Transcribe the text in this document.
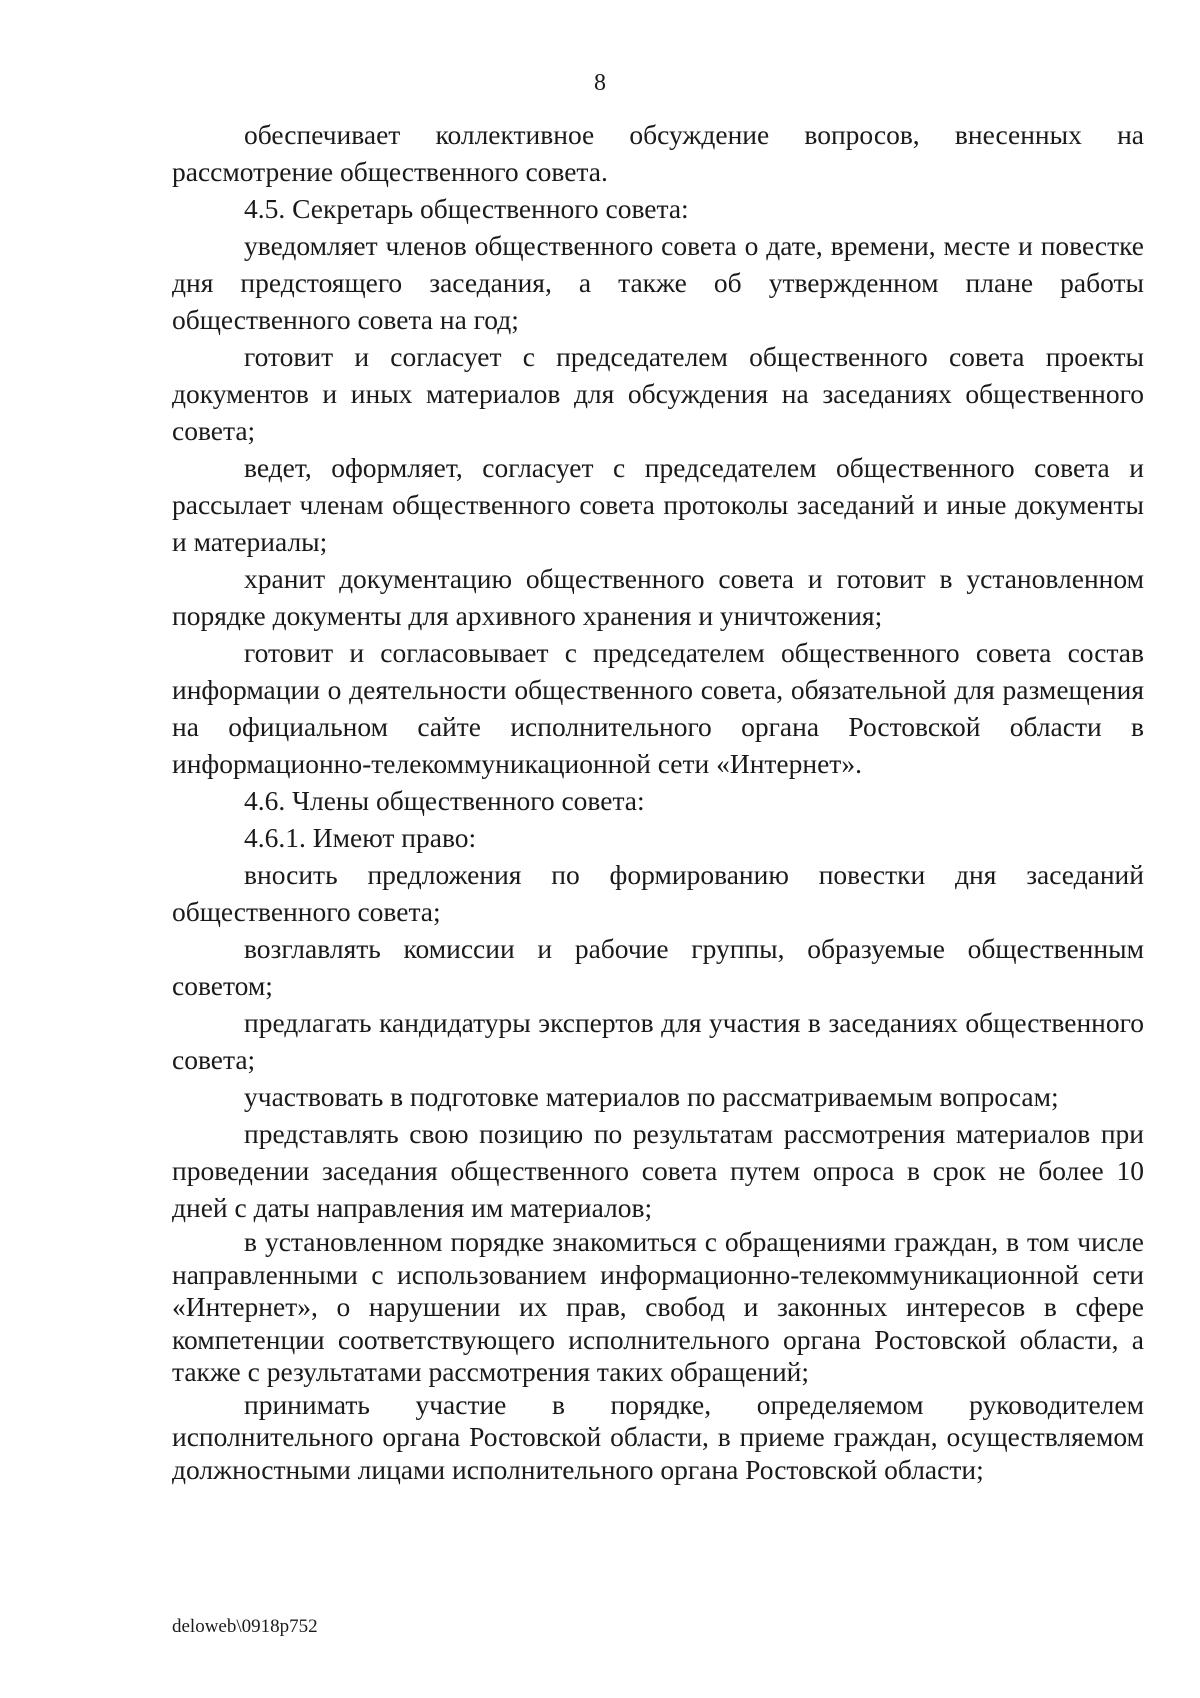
8

обеспечивает коллективное обсуждение вопросов, внесенных на рассмотрение общественного совета.

4.5. Секретарь общественного совета:

уведомляет членов общественного совета о дате, времени, месте и повестке дня предстоящего заседания, а также об утвержденном плане работы общественного совета на год;

готовит и согласует с председателем общественного совета проекты документов и иных материалов для обсуждения на заседаниях общественного совета;

ведет, оформляет, согласует с председателем общественного совета и рассылает членам общественного совета протоколы заседаний и иные документы и материалы;

хранит документацию общественного совета и готовит в установленном порядке документы для архивного хранения и уничтожения;

готовит и согласовывает с председателем общественного совета состав информации о деятельности общественного совета, обязательной для размещения на официальном сайте исполнительного органа Ростовской области в информационно-телекоммуникационной сети «Интернет».

4.6. Члены общественного совета:

4.6.1. Имеют право:

вносить предложения по формированию повестки дня заседаний общественного совета;

возглавлять комиссии и рабочие группы, образуемые общественным советом;

предлагать кандидатуры экспертов для участия в заседаниях общественного совета;

участвовать в подготовке материалов по рассматриваемым вопросам;

представлять свою позицию по результатам рассмотрения материалов при проведении заседания общественного совета путем опроса в срок не более 10 дней с даты направления им материалов;

в установленном порядке знакомиться с обращениями граждан, в том числе направленными с использованием информационно-телекоммуникационной сети «Интернет», о нарушении их прав, свобод и законных интересов в сфере компетенции соответствующего исполнительного органа Ростовской области, а также с результатами рассмотрения таких обращений;

принимать участие в порядке, определяемом руководителем исполнительного органа Ростовской области, в приеме граждан, осуществляемом должностными лицами исполнительного органа Ростовской области;

deloweb\0918p752
